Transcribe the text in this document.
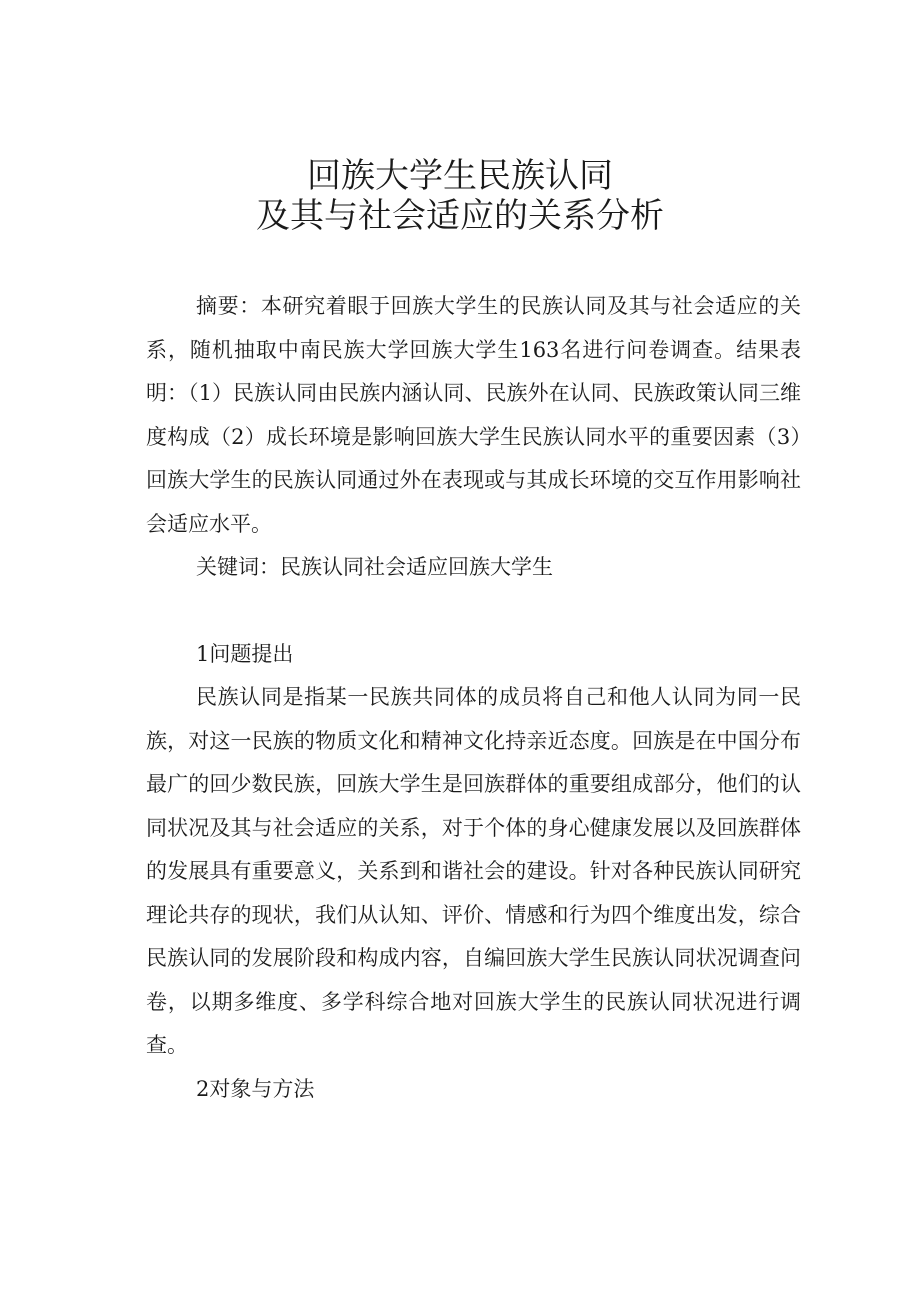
回族大学生民族认同

及其与社会适应的关系分析

摘要：本研究着眼于回族大学生的民族认同及其与社会适应的关系，随机抽取中南民族大学回族大学生163名进行问卷调查。结果表明：（1）民族认同由民族内涵认同、民族外在认同、民族政策认同三维度构成（2）成长环境是影响回族大学生民族认同水平的重要因素（3）回族大学生的民族认同通过外在表现或与其成长环境的交互作用影响社会适应水平。

关键词：民族认同社会适应回族大学生

1问题提出

民族认同是指某一民族共同体的成员将自己和他人认同为同一民族，对这一民族的物质文化和精神文化持亲近态度。回族是在中国分布最广的回少数民族，回族大学生是回族群体的重要组成部分，他们的认同状况及其与社会适应的关系，对于个体的身心健康发展以及回族群体的发展具有重要意义，关系到和谐社会的建设。针对各种民族认同研究理论共存的现状，我们从认知、评价、情感和行为四个维度出发，综合民族认同的发展阶段和构成内容，自编回族大学生民族认同状况调查问卷，以期多维度、多学科综合地对回族大学生的民族认同状况进行调查。

2对象与方法
